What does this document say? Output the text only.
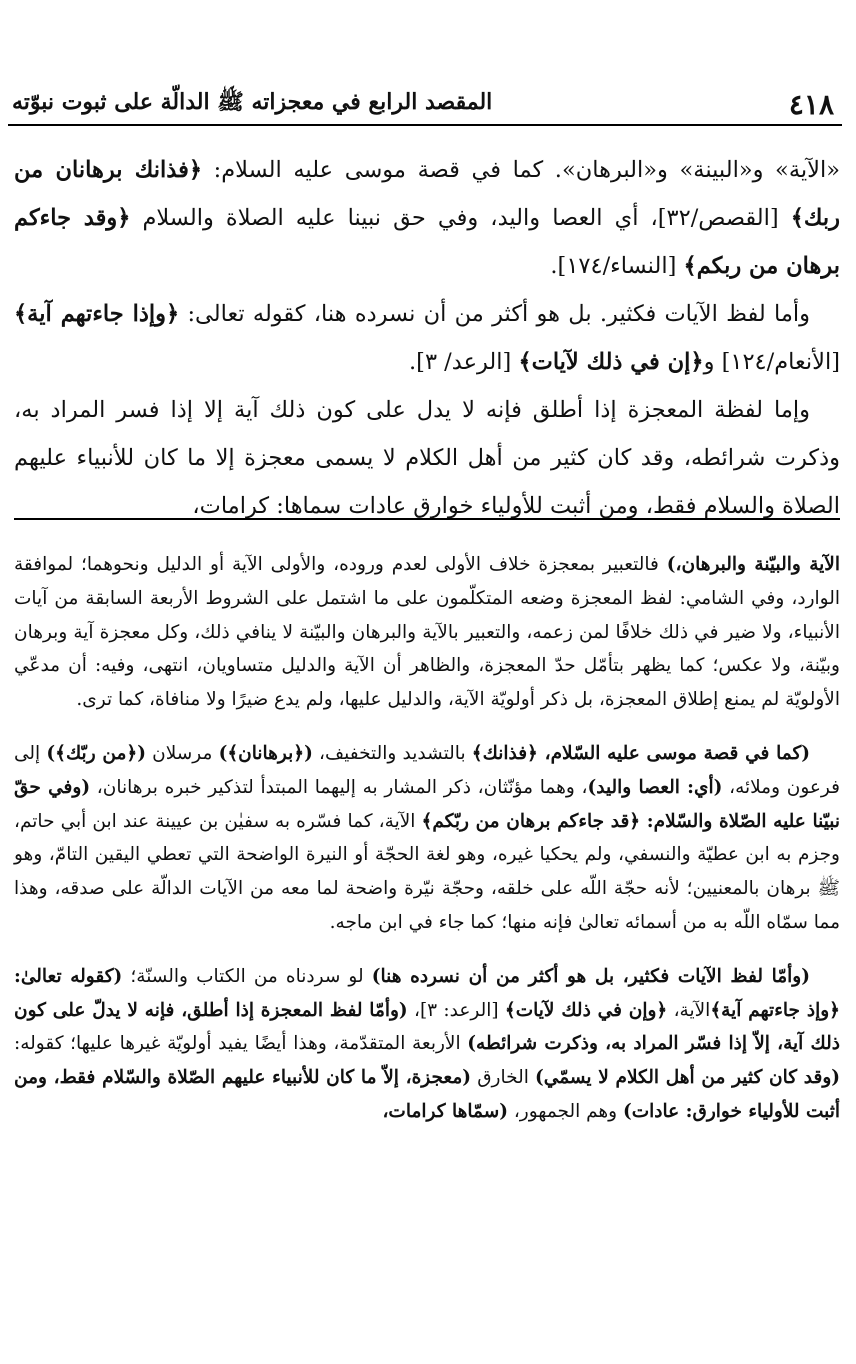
٤١٨
المقصد الرابع في معجزاته ﷺ الدالّة على ثبوت نبوّته

«الآية» و«البينة» و«البرهان». كما في قصة موسى عليه السلام: ﴿فذانك برهانان من ربك﴾ [القصص/٣٢]، أي العصا واليد، وفي حق نبينا عليه الصلاة والسلام ﴿وقد جاءكم برهان من ربكم﴾ [النساء/١٧٤].

وأما لفظ الآيات فكثير. بل هو أكثر من أن نسرده هنا، كقوله تعالى: ﴿وإذا جاءتهم آية﴾ [الأنعام/١٢٤] و﴿إن في ذلك لآيات﴾ [الرعد/ ٣].

وإما لفظة المعجزة إذا أطلق فإنه لا يدل على كون ذلك آية إلا إذا فسر المراد به، وذكرت شرائطه، وقد كان كثير من أهل الكلام لا يسمى معجزة إلا ما كان للأنبياء عليهم الصلاة والسلام فقط، ومن أثبت للأولياء خوارق عادات سماها: كرامات،

الآية والبيّنة والبرهان،) فالتعبير بمعجزة خلاف الأولى لعدم وروده، والأولى الآية أو الدليل ونحوهما؛ لموافقة الوارد، وفي الشامي: لفظ المعجزة وضعه المتكلّمون على ما اشتمل على الشروط الأربعة السابقة من آيات الأنبياء، ولا ضير في ذلك خلافًا لمن زعمه، والتعبير بالآية والبرهان والبيّنة لا ينافي ذلك، وكل معجزة آية وبرهان وبيّنة، ولا عكس؛ كما يظهر بتأمّل حدّ المعجزة، والظاهر أن الآية والدليل متساويان، انتهى، وفيه: أن مدعّي الأولويّة لم يمنع إطلاق المعجزة، بل ذكر أولويّة الآية، والدليل عليها، ولم يدع ضيرًا ولا منافاة، كما ترى.

(كما في قصة موسى عليه السّلام، ﴿فذانك﴾ بالتشديد والتخفيف، (﴿برهانان﴾) مرسلان (﴿من ربّك﴾) إلى فرعون وملائه، (أي: العصا واليد)، وهما مؤنّثان، ذكر المشار به إليهما المبتدأ لتذكير خبره برهانان، (وفي حقّ نبيّنا عليه الصّلاة والسّلام: ﴿قد جاءكم برهان من ربّكم﴾ الآية، كما فسّره به سفيٰن بن عيينة عند ابن أبي حاتم، وجزم به ابن عطيّة والنسفي، ولم يحكيا غيره، وهو لغة الحجّة أو النيرة الواضحة التي تعطي اليقين التامّ، وهو ﷺ برهان بالمعنيين؛ لأنه حجّة اللّه على خلقه، وحجّة نيّرة واضحة لما معه من الآيات الدالّة على صدقه، وهذا مما سمّاه اللّه به من أسمائه تعالىٰ فإنه منها؛ كما جاء في ابن ماجه.

(وأمّا لفظ الآيات فكثير، بل هو أكثر من أن نسرده هنا) لو سردناه من الكتاب والسنّة؛ (كقوله تعالىٰ: ﴿وإذ جاءتهم آية﴾الآية، ﴿وإن في ذلك لآيات﴾ [الرعد: ٣]، (وأمّا لفظ المعجزة إذا أطلق، فإنه لا يدلّ على كون ذلك آية، إلاّ إذا فسّر المراد به، وذكرت شرائطه) الأربعة المتقدّمة، وهذا أيضًا يفيد أولويّة غيرها عليها؛ كقوله: (وقد كان كثير من أهل الكلام لا يسمّي) الخارق (معجزة، إلاّ ما كان للأنبياء عليهم الصّلاة والسّلام فقط، ومن أثبت للأولياء خوارق: عادات) وهم الجمهور، (سمّاها كرامات،
